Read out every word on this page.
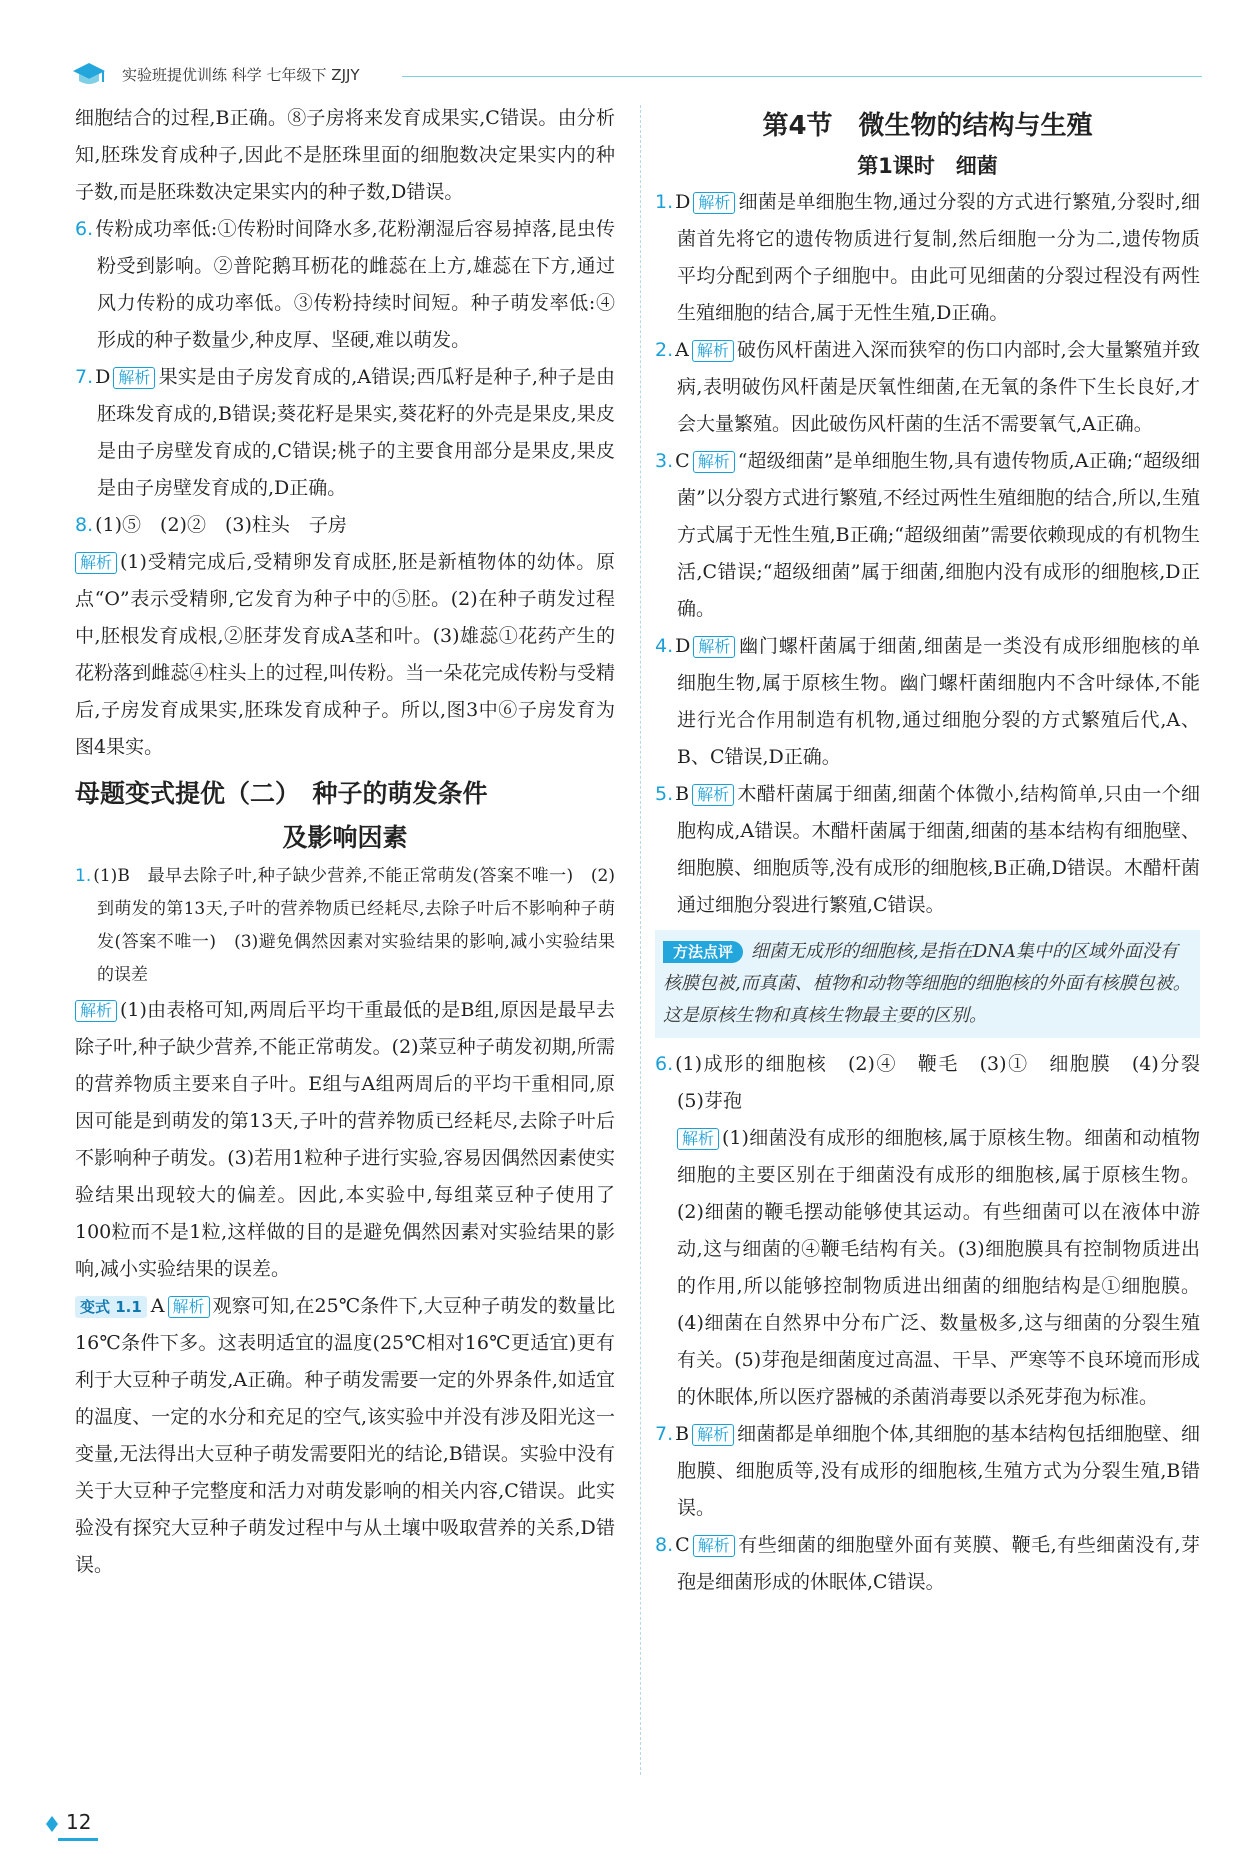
实验班提优训练 科学 七年级下 ZJJY

细胞结合的过程,B正确。⑧子房将来发育成果实,C错误。由分析知,胚珠发育成种子,因此不是胚珠里面的细胞数决定果实内的种子数,而是胚珠数决定果实内的种子数,D错误。

6. 传粉成功率低:①传粉时间降水多,花粉潮湿后容易掉落,昆虫传粉受到影响。②普陀鹅耳枥花的雌蕊在上方,雄蕊在下方,通过风力传粉的成功率低。③传粉持续时间短。种子萌发率低:④形成的种子数量少,种皮厚、坚硬,难以萌发。

7. D 解析 果实是由子房发育成的,A错误;西瓜籽是种子,种子是由胚珠发育成的,B错误;葵花籽是果实,葵花籽的外壳是果皮,果皮是由子房壁发育成的,C错误;桃子的主要食用部分是果皮,果皮是由子房壁发育成的,D正确。

8. (1)⑤　(2)②　(3)柱头　子房

解析 (1)受精完成后,受精卵发育成胚,胚是新植物体的幼体。原点“O”表示受精卵,它发育为种子中的⑤胚。(2)在种子萌发过程中,胚根发育成根,②胚芽发育成A茎和叶。(3)雄蕊①花药产生的花粉落到雌蕊④柱头上的过程,叫传粉。当一朵花完成传粉与受精后,子房发育成果实,胚珠发育成种子。所以,图3中⑥子房发育为图4果实。

母题变式提优（二）　种子的萌发条件
及影响因素

1. (1)B　最早去除子叶,种子缺少营养,不能正常萌发(答案不唯一)　(2)到萌发的第13天,子叶的营养物质已经耗尽,去除子叶后不影响种子萌发(答案不唯一)　(3)避免偶然因素对实验结果的影响,减小实验结果的误差

解析 (1)由表格可知,两周后平均干重最低的是B组,原因是最早去除子叶,种子缺少营养,不能正常萌发。(2)菜豆种子萌发初期,所需的营养物质主要来自子叶。E组与A组两周后的平均干重相同,原因可能是到萌发的第13天,子叶的营养物质已经耗尽,去除子叶后不影响种子萌发。(3)若用1粒种子进行实验,容易因偶然因素使实验结果出现较大的偏差。因此,本实验中,每组菜豆种子使用了100粒而不是1粒,这样做的目的是避免偶然因素对实验结果的影响,减小实验结果的误差。

变式 1.1 A 解析 观察可知,在25℃条件下,大豆种子萌发的数量比16℃条件下多。这表明适宜的温度(25℃相对16℃更适宜)更有利于大豆种子萌发,A正确。种子萌发需要一定的外界条件,如适宜的温度、一定的水分和充足的空气,该实验中并没有涉及阳光这一变量,无法得出大豆种子萌发需要阳光的结论,B错误。实验中没有关于大豆种子完整度和活力对萌发影响的相关内容,C错误。此实验没有探究大豆种子萌发过程中与从土壤中吸取营养的关系,D错误。

第4节　微生物的结构与生殖
第1课时　细菌

1. D 解析 细菌是单细胞生物,通过分裂的方式进行繁殖,分裂时,细菌首先将它的遗传物质进行复制,然后细胞一分为二,遗传物质平均分配到两个子细胞中。由此可见细菌的分裂过程没有两性生殖细胞的结合,属于无性生殖,D正确。

2. A 解析 破伤风杆菌进入深而狭窄的伤口内部时,会大量繁殖并致病,表明破伤风杆菌是厌氧性细菌,在无氧的条件下生长良好,才会大量繁殖。因此破伤风杆菌的生活不需要氧气,A正确。

3. C 解析 “超级细菌”是单细胞生物,具有遗传物质,A正确;“超级细菌”以分裂方式进行繁殖,不经过两性生殖细胞的结合,所以,生殖方式属于无性生殖,B正确;“超级细菌”需要依赖现成的有机物生活,C错误;“超级细菌”属于细菌,细胞内没有成形的细胞核,D正确。

4. D 解析 幽门螺杆菌属于细菌,细菌是一类没有成形细胞核的单细胞生物,属于原核生物。幽门螺杆菌细胞内不含叶绿体,不能进行光合作用制造有机物,通过细胞分裂的方式繁殖后代,A、B、C错误,D正确。

5. B 解析 木醋杆菌属于细菌,细菌个体微小,结构简单,只由一个细胞构成,A错误。木醋杆菌属于细菌,细菌的基本结构有细胞壁、细胞膜、细胞质等,没有成形的细胞核,B正确,D错误。木醋杆菌通过细胞分裂进行繁殖,C错误。

方法点评 细菌无成形的细胞核,是指在DNA集中的区域外面没有核膜包被,而真菌、植物和动物等细胞的细胞核的外面有核膜包被。这是原核生物和真核生物最主要的区别。

6. (1)成形的细胞核　(2)④　鞭毛　(3)①　细胞膜　(4)分裂　(5)芽孢

解析 (1)细菌没有成形的细胞核,属于原核生物。细菌和动植物细胞的主要区别在于细菌没有成形的细胞核,属于原核生物。(2)细菌的鞭毛摆动能够使其运动。有些细菌可以在液体中游动,这与细菌的④鞭毛结构有关。(3)细胞膜具有控制物质进出的作用,所以能够控制物质进出细菌的细胞结构是①细胞膜。(4)细菌在自然界中分布广泛、数量极多,这与细菌的分裂生殖有关。(5)芽孢是细菌度过高温、干旱、严寒等不良环境而形成的休眠体,所以医疗器械的杀菌消毒要以杀死芽孢为标准。

7. B 解析 细菌都是单细胞个体,其细胞的基本结构包括细胞壁、细胞膜、细胞质等,没有成形的细胞核,生殖方式为分裂生殖,B错误。

8. C 解析 有些细菌的细胞壁外面有荚膜、鞭毛,有些细菌没有,芽孢是细菌形成的休眠体,C错误。

12
